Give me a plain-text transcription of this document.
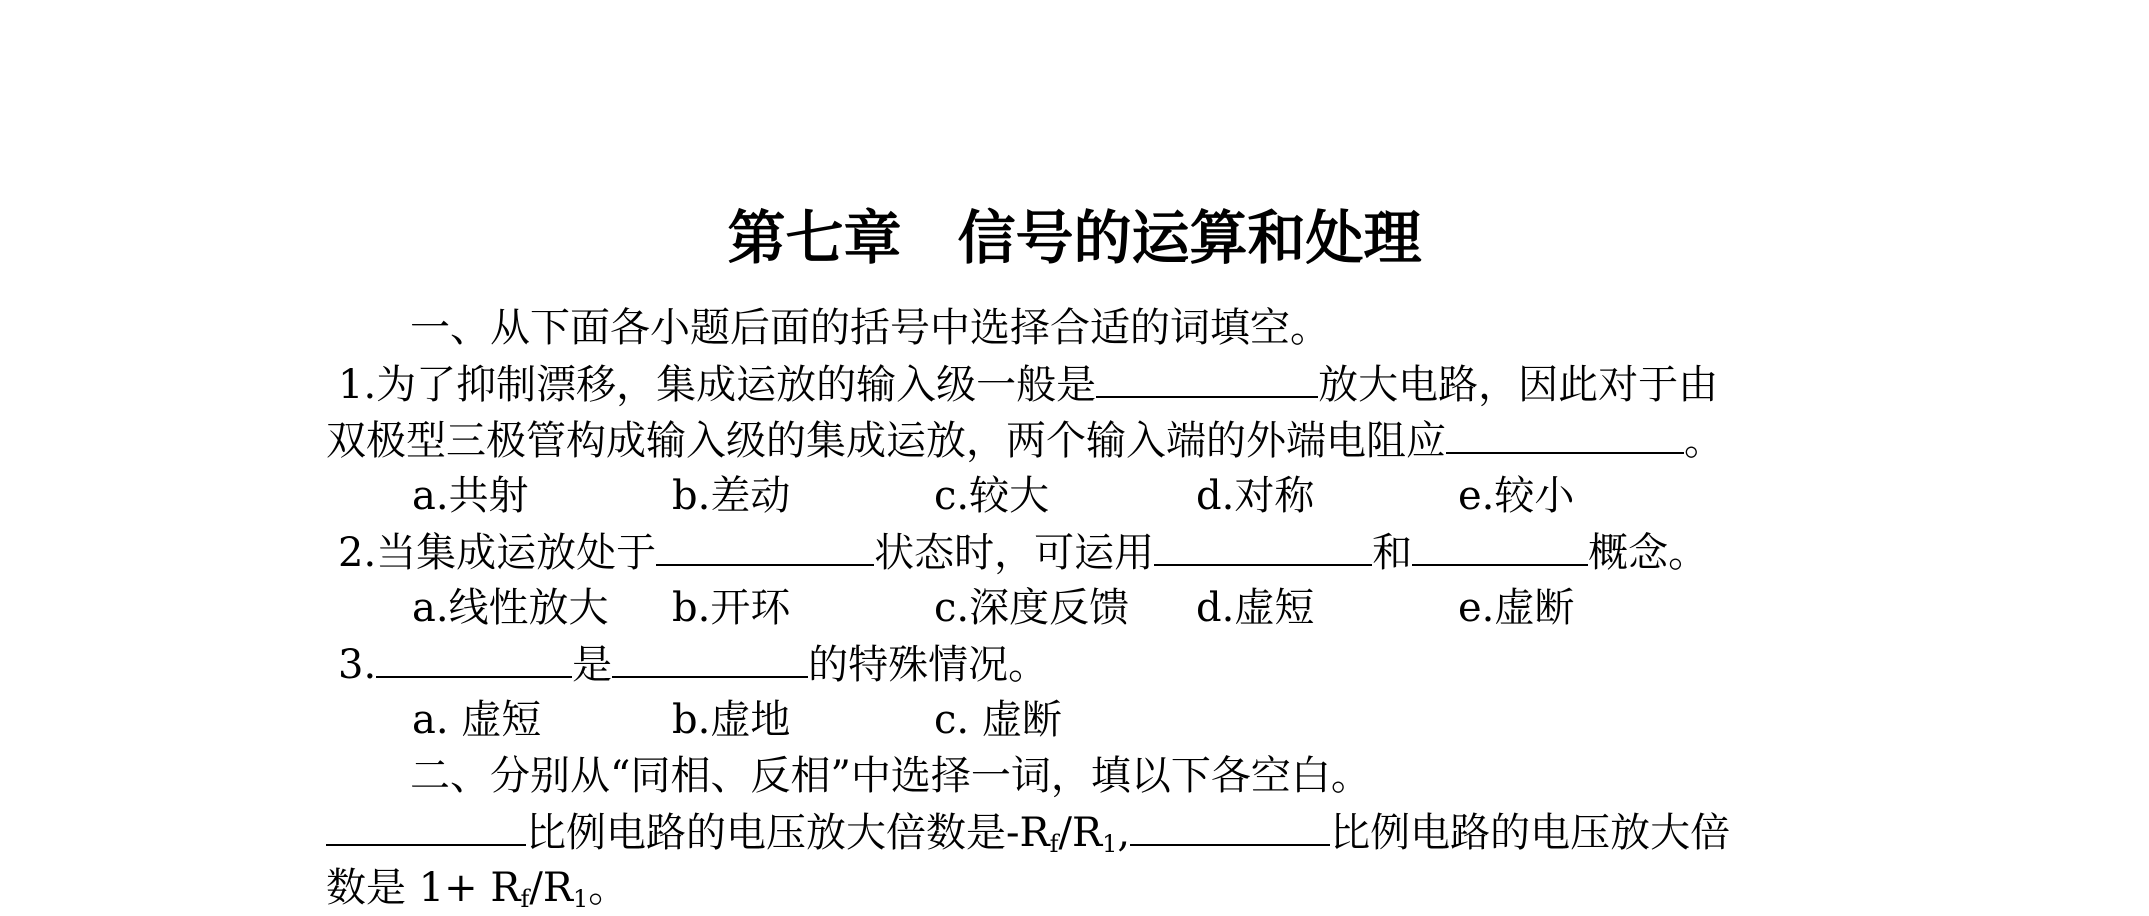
第七章 信号的运算和处理
一、从下面各小题后面的括号中选择合适的词填空。
1.为了抑制漂移，集成运放的输入级一般是	放大电路，因此对于由
双极型三极管构成输入级的集成运放，两个输入端的外端电阻应	。
a.共射	b.差动	c.较大	d.对称	e.较小
2.当集成运放处于	状态时，可运用	和	概念。
a.线性放大 b.开环	c.深度反馈 d.虚短	e.虚断
3.	是	的特殊情况。
a. 虚短	b.虚地	c. 虚断
二、分别从“同相、反相”中选择一词，填以下各空白。
比例电路的电压放大倍数是$-R_f/R_1$,	比例电路的电压放大倍
数是 $1+ R_f/R_1$。
